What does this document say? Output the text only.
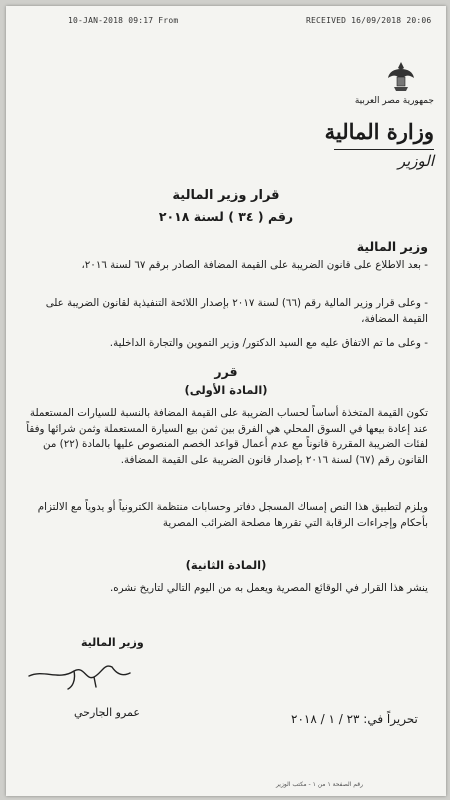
10-JAN-2018 09:17 From	RECEIVED 16/09/2018 20:06
جمهورية مصر العربية
وزارة المالية
الوزير
قرار وزير المالية
رقم ( ٣٤ ) لسنة ٢٠١٨
وزير المالية
- بعد الاطلاع على قانون الضريبة على القيمة المضافة الصادر برقم ٦٧ لسنة ٢٠١٦،
- وعلى قرار وزير المالية رقم (٦٦) لسنة ٢٠١٧ بإصدار اللائحة التنفيذية لقانون الضريبة على القيمة المضافة،
- وعلى ما تم الاتفاق عليه مع السيد الدكتور/ وزير التموين والتجارة الداخلية.
قرر
(المادة الأولى)
تكون القيمة المتخذة أساساً لحساب الضريبة على القيمة المضافة بالنسبة للسيارات المستعملة عند إعادة بيعها في السوق المحلي هي الفرق بين ثمن بيع السيارة المستعملة وثمن شرائها وفقاً لفئات الضريبة المقررة قانوناً مع عدم أعمال قواعد الخصم المنصوص عليها بالمادة (٢٢) من القانون رقم (٦٧) لسنة ٢٠١٦ بإصدار قانون الضريبة على القيمة المضافة.
ويلزم لتطبيق هذا النص إمساك المسجل دفاتر وحسابات منتظمة الكترونياً أو يدوياً مع الالتزام بأحكام وإجراءات الرقابة التي تقررها مصلحة الضرائب المصرية
(المادة الثانية)
ينشر هذا القرار في الوقائع المصرية ويعمل به من اليوم التالي لتاريخ نشره.
وزير المالية
عمرو الجارحي	تحريراً في: ٢٣ / ١ / ٢٠١٨
رقم الصفحة ١ من ١ - مكتب الوزير
